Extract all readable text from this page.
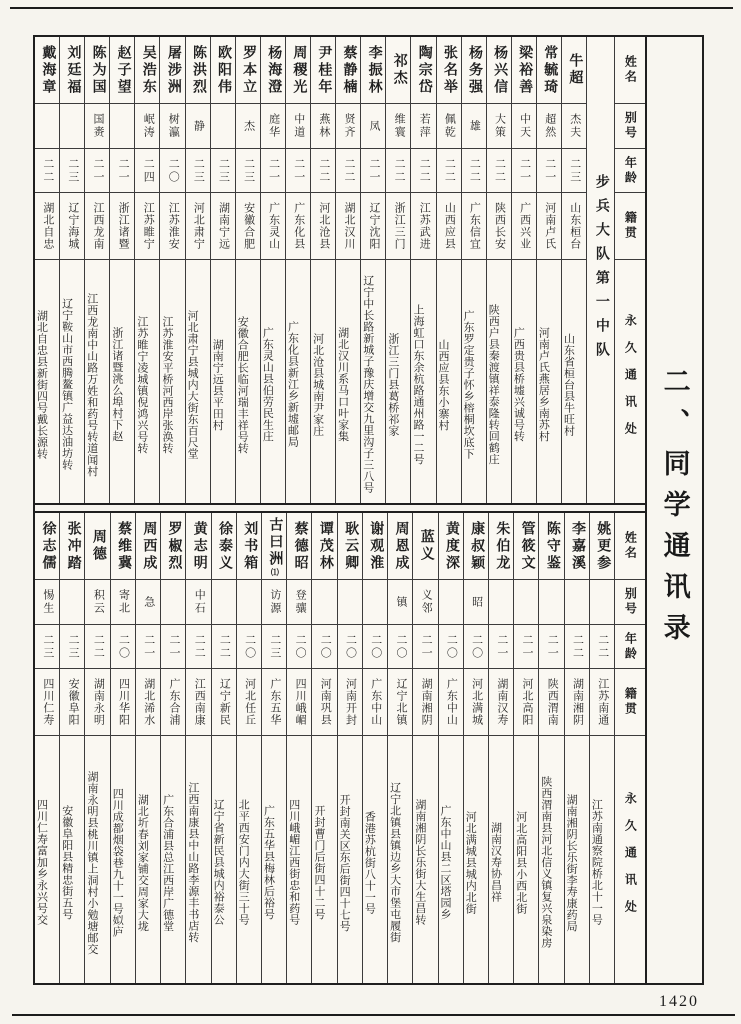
戴海章
二二
湖北自忠
湖北自忠县新街四号戴长源转
刘廷福
二三
辽宁海城
辽宁鞍山市西腾鳌镇广益达油坊转
陈为国
国赉
二一
江西龙南
江西龙南中山路万姓和药号转道闻村
赵子望
二一
浙江诸暨
浙江诸暨洮么埠村下赵
吴浩东
岷涛
二四
江苏睢宁
江苏睢宁凌城镇倪鸿兴号转
屠涉洲
树瀛
二〇
江苏淮安
江苏淮安平桥河西岸张涣转
陈洪烈
静
二三
河北肃宁
河北肃宁县城内大街东百尺堂
欧阳伟
二三
湖南宁远
湖南宁远县平田村
罗本立
杰
二三
安徽合肥
安徽合肥长临河瑞丰祥号转
杨海澄
庭华
二一
广东灵山
广东灵山县伯劳民生庄
周稷光
中道
二一
广东化县
广东化县新江乡新墟邮局
尹桂年
燕林
二二
河北沧县
河北沧县城南尹家庄
蔡静楠
贤齐
二二
湖北汉川
湖北汉川系马口叶家集
李振林
凤
二一
辽宁沈阳
辽宁中长路新城子豫庆增交九里沟子三八号
祁杰
维寰
二二
浙江三门
浙江三门县葛桥祁家
陶宗岱
若萍
二二
江苏武进
上海虹口东余杭路通州路一二号
张名举
佩乾
二二
山西应县
山西应县东小寨村
杨务强
雄
二二
广东信宜
广东罗定贵子怀乡榕桐坎底下
杨兴信
大策
二二
陕西长安
陕西户县秦渡镇祥泰隆转回鹤庄
梁裕善
中天
二一
广西兴业
广西贵县桥墟兴诚号转
常毓琦
超然
二一
河南卢氏
河南卢氏燕居乡南苏村
牛超
杰夫
二三
山东桓台
山东省桓台县牛旺村
步兵大队第一中队
姓名
别号
年龄
籍贯
永久通讯处
徐志儒
惕生
二三
四川仁寿
四川仁寿富加乡永兴号交
张冲踏
二三
安徽阜阳
安徽阜阳县精忠街五号
周德
积云
二二
湖南永明
湖南永明县桃川镇上洞村小勉塘邮交
蔡维冀
寄北
二〇
四川华阳
四川成都烟袋巷九十一号姒庐
周西成
急
二一
湖北浠水
湖北圻春刘家铺交周家大垅
罗椒烈
二一
广东合浦
广东合浦县总江西岸广德堂
黄志明
中石
二二
江西南康
江西南康县中山路李源丰书店转
徐泰义
二二
辽宁新民
辽宁省新民县城内裕泰公
刘书箱
二〇
河北任丘
北平西安门内大街三十号
古曰洲⑴
访源
二三
广东五华
广东五华县梅林后裕号
蔡德昭
登骧
二〇
四川峨嵋
四川峨嵋江西街忠和药号
谭茂林
二〇
河南巩县
开封曹门后街四十二号
耿云卿
二〇
河南开封
开封南关区东后街四十七号
谢观淮
二〇
广东中山
香港苏杭街八十一号
周恩成
镇
二〇
辽宁北镇
辽宁北镇县镇边乡大市堡屯履街
蓝义
义邻
二一
湖南湘阴
湖南湘阴长乐街大生昌转
黄度深
二〇
广东中山
广东中山县二区塔园乡
康叔颖
昭
二〇
河北满城
河北满城县城内北街
朱伯龙
二一
湖南汉寿
湖南汉寿协昌祥
管筱文
二一
河北高阳
河北高阳县小西北街
陈守鉴
二一
陕西渭南
陕西渭南县河北信义镇复兴泉染房
李嘉溪
二二
湖南湘阴
湖南湘阴长乐街李寿康药局
姚更参
二二
江苏南通
江苏南通察院桥北十一号
姓名
别号
年龄
籍贯
永久通讯处
二、同学通讯录
1420
